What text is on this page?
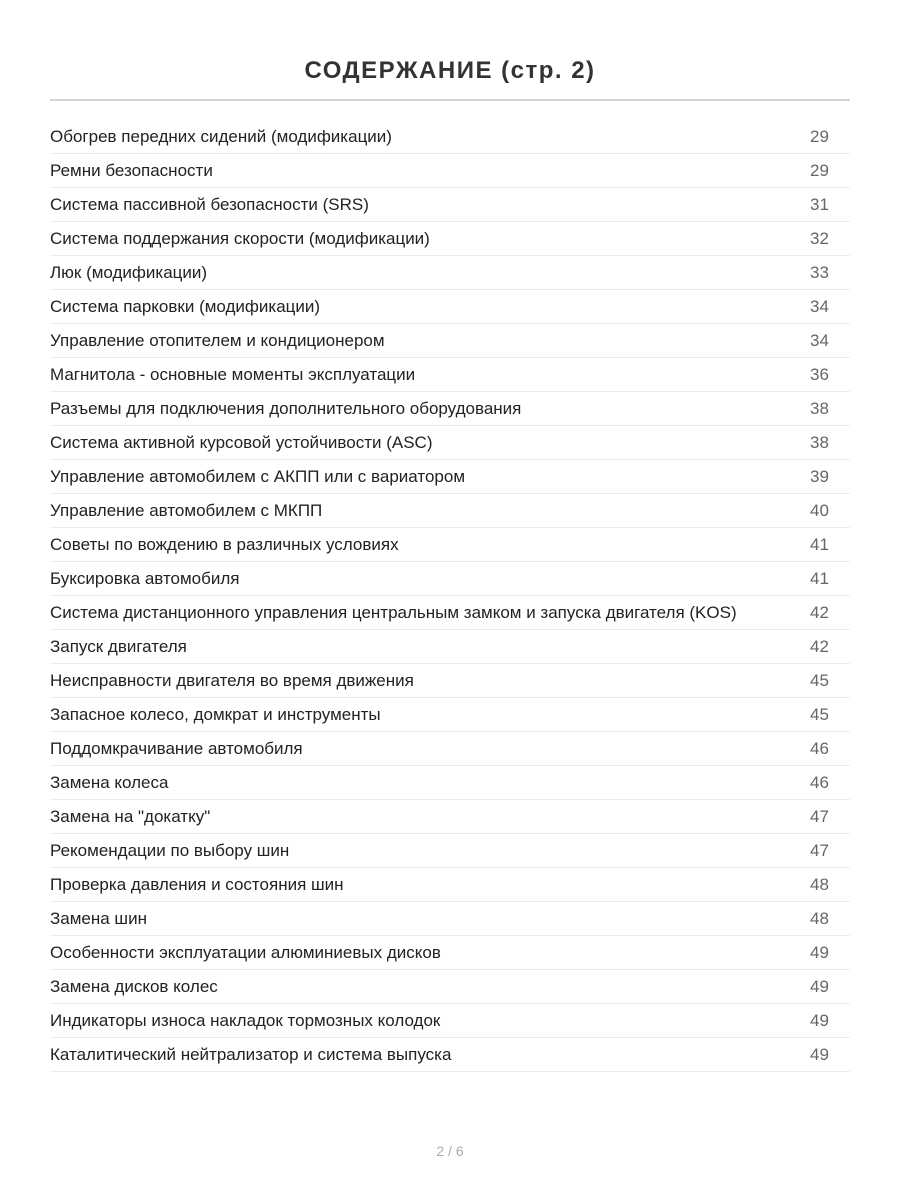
СОДЕРЖАНИЕ (стр. 2)
Обогрев передних сидений (модификации)	29
Ремни безопасности	29
Система пассивной безопасности (SRS)	31
Система поддержания скорости (модификации)	32
Люк (модификации)	33
Система парковки (модификации)	34
Управление отопителем и кондиционером	34
Магнитола - основные моменты эксплуатации	36
Разъемы для подключения дополнительного оборудования	38
Система активной курсовой устойчивости (ASC)	38
Управление автомобилем с АКПП или с вариатором	39
Управление автомобилем с МКПП	40
Советы по вождению в различных условиях	41
Буксировка автомобиля	41
Система дистанционного управления центральным замком и запуска двигателя (KOS)	42
Запуск двигателя	42
Неисправности двигателя во время движения	45
Запасное колесо, домкрат и инструменты	45
Поддомкрачивание автомобиля	46
Замена колеса	46
Замена на "докатку"	47
Рекомендации по выбору шин	47
Проверка давления и состояния шин	48
Замена шин	48
Особенности эксплуатации алюминиевых дисков	49
Замена дисков колес	49
Индикаторы износа накладок тормозных колодок	49
Каталитический нейтрализатор и система выпуска	49
2 / 6
